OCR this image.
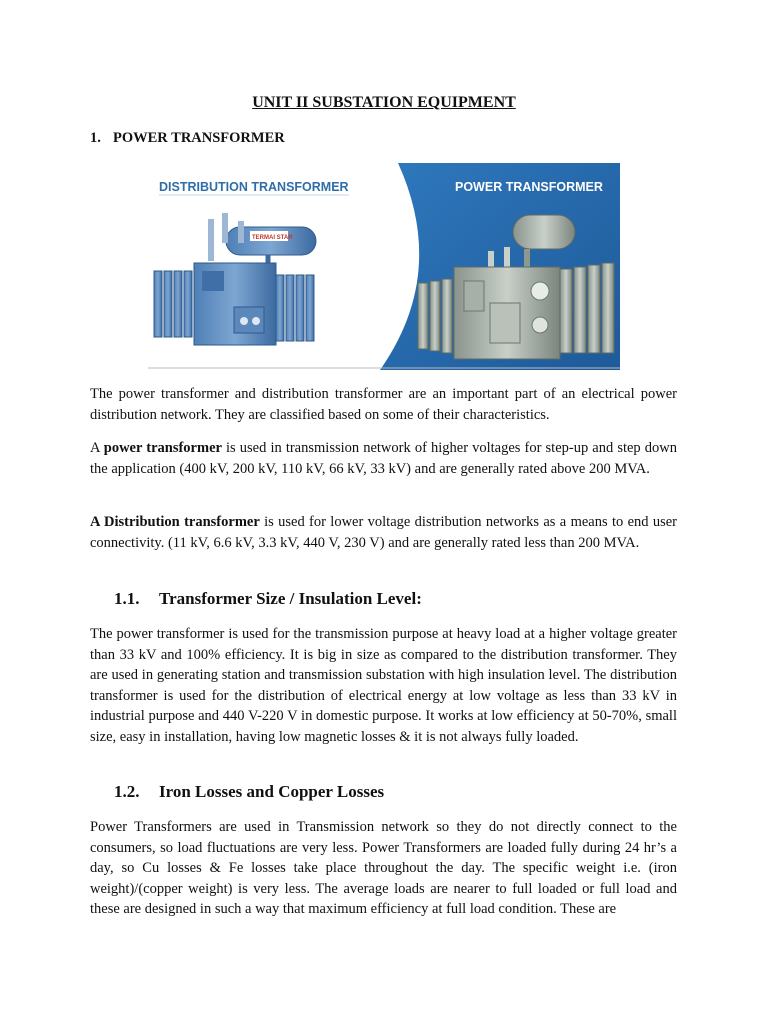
UNIT II SUBSTATION EQUIPMENT
1. POWER TRANSFORMER
DISTRIBUTION TRANSFORMER	POWER TRANSFORMER
TERMAI STAR

The power transformer and distribution transformer are an important part of an electrical power distribution network. They are classified based on some of their characteristics.

A power transformer is used in transmission network of higher voltages for step-up and step down the application (400 kV, 200 kV, 110 kV, 66 kV, 33 kV) and are generally rated above 200 MVA.

A Distribution transformer is used for lower voltage distribution networks as a means to end user connectivity. (11 kV, 6.6 kV, 3.3 kV, 440 V, 230 V) and are generally rated less than 200 MVA.

1.1. Transformer Size / Insulation Level:

The power transformer is used for the transmission purpose at heavy load at a higher voltage greater than 33 kV and 100% efficiency. It is big in size as compared to the distribution transformer. They are used in generating station and transmission substation with high insulation level. The distribution transformer is used for the distribution of electrical energy at low voltage as less than 33 kV in industrial purpose and 440 V-220 V in domestic purpose. It works at low efficiency at 50-70%, small size, easy in installation, having low magnetic losses & it is not always fully loaded.

1.2. Iron Losses and Copper Losses

Power Transformers are used in Transmission network so they do not directly connect to the consumers, so load fluctuations are very less. Power Transformers are loaded fully during 24 hr’s a day, so Cu losses & Fe losses take place throughout the day. The specific weight i.e. (iron weight)/(copper weight) is very less. The average loads are nearer to full loaded or full load and these are designed in such a way that maximum efficiency at full load condition. These are
